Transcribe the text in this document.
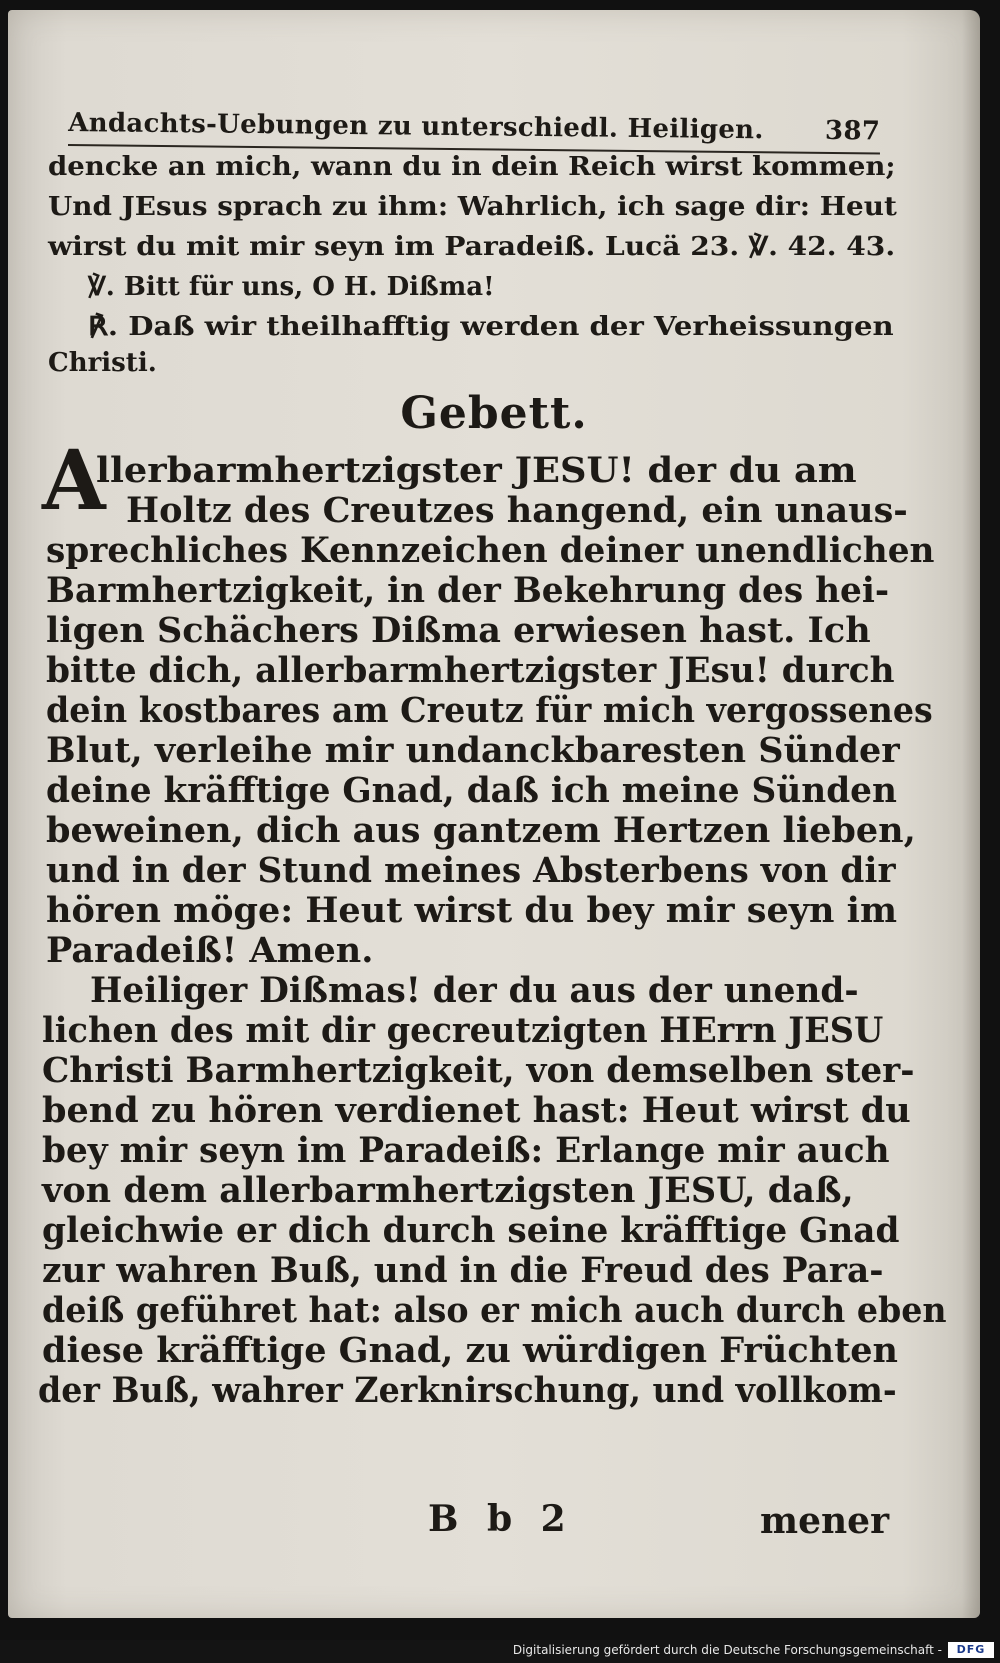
Andachts-Uebungen zu unterschiedl. Heiligen. 387
dencke an mich, wann du in dein Reich wirst kommen;
Und JEsus sprach zu ihm: Wahrlich, ich sage dir: Heut
wirst du mit mir seyn im Paradeiß. Lucä 23. ℣. 42. 43.
℣. Bitt für uns, O H. Dißma!
℟. Daß wir theilhafftig werden der Verheissungen
Christi.
Gebett.
A
llerbarmhertzigster JESU! der du am
Holtz des Creutzes hangend, ein unaus-
sprechliches Kennzeichen deiner unendlichen
Barmhertzigkeit, in der Bekehrung des hei-
ligen Schächers Dißma erwiesen hast. Ich
bitte dich, allerbarmhertzigster JEsu! durch
dein kostbares am Creutz für mich vergossenes
Blut, verleihe mir undanckbaresten Sünder
deine kräfftige Gnad, daß ich meine Sünden
beweinen, dich aus gantzem Hertzen lieben,
und in der Stund meines Absterbens von dir
hören möge: Heut wirst du bey mir seyn im
Paradeiß! Amen.
Heiliger Dißmas! der du aus der unend-
lichen des mit dir gecreutzigten HErrn JESU
Christi Barmhertzigkeit, von demselben ster-
bend zu hören verdienet hast: Heut wirst du
bey mir seyn im Paradeiß: Erlange mir auch
von dem allerbarmhertzigsten JESU, daß,
gleichwie er dich durch seine kräfftige Gnad
zur wahren Buß, und in die Freud des Para-
deiß geführet hat: also er mich auch durch eben
diese kräfftige Gnad, zu würdigen Früchten
der Buß, wahrer Zerknirschung, und vollkom-
B b 2	mener
Digitalisierung gefördert durch die Deutsche Forschungsgemeinschaft -	DFG
